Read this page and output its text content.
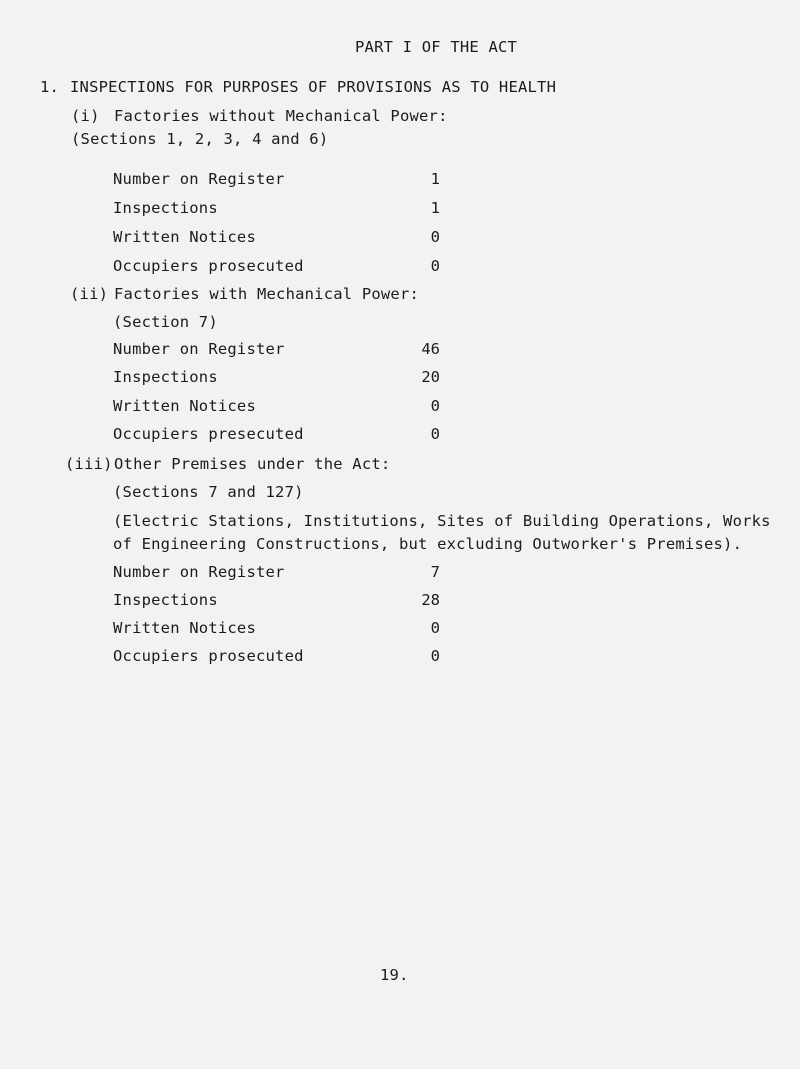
PART I OF THE ACT
1. INSPECTIONS FOR PURPOSES OF PROVISIONS AS TO HEALTH
(i) Factories without Mechanical Power:
(Sections 1, 2, 3, 4 and 6)
Number on Register	1
Inspections	1
Written Notices	0
Occupiers prosecuted	0
(ii) Factories with Mechanical Power:
(Section 7)
Number on Register	46
Inspections	20
Written Notices	0
Occupiers presecuted	0
(iii) Other Premises under the Act:
(Sections 7 and 127)
(Electric Stations, Institutions, Sites of Building Operations, Works
of Engineering Constructions, but excluding Outworker's Premises).
Number on Register	7
Inspections	28
Written Notices	0
Occupiers prosecuted	0
19.
